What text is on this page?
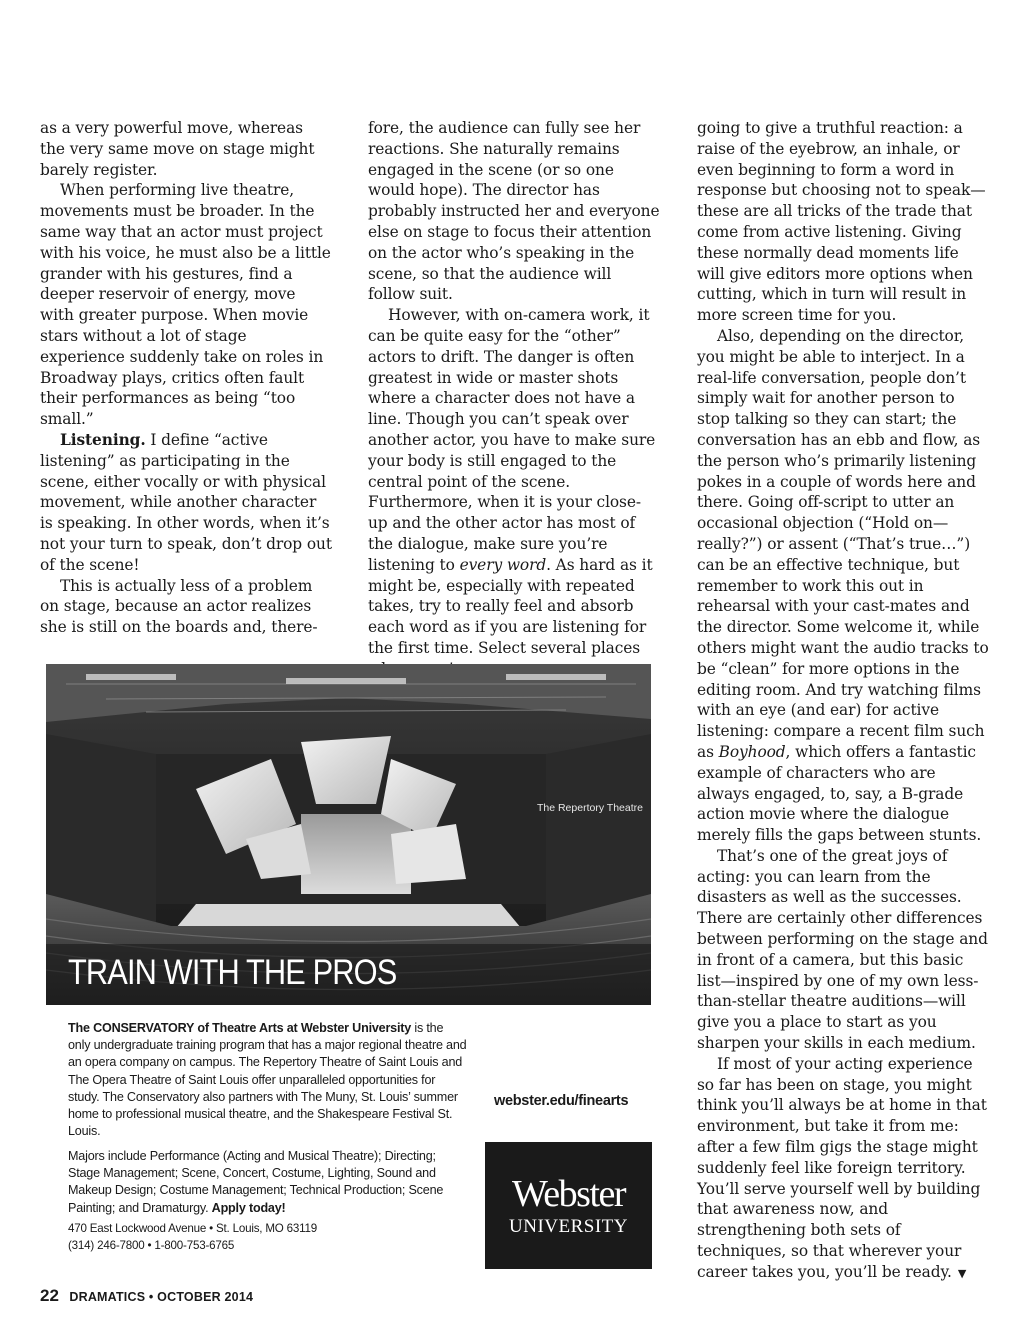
as a very powerful move, whereas the very same move on stage might barely register.

When performing live theatre, movements must be broader. In the same way that an actor must project with his voice, he must also be a little grander with his gestures, find a deeper reservoir of energy, move with greater purpose. When movie stars without a lot of stage experience suddenly take on roles in Broadway plays, critics often fault their performances as being “too small.”

Listening. I define “active listening” as participating in the scene, either vocally or with physical movement, while another character is speaking. In other words, when it’s not your turn to speak, don’t drop out of the scene!

This is actually less of a problem on stage, because an actor realizes she is still on the boards and, there-

fore, the audience can fully see her reactions. She naturally remains engaged in the scene (or so one would hope). The director has probably instructed her and everyone else on stage to focus their attention on the actor who’s speaking in the scene, so that the audience will follow suit.

However, with on-camera work, it can be quite easy for the “other” actors to drift. The danger is often greatest in wide or master shots where a character does not have a line. Though you can’t speak over another actor, you have to make sure your body is still engaged to the central point of the scene. Furthermore, when it is your close-up and the other actor has most of the dialogue, make sure you’re listening to every word. As hard as it might be, especially with repeated takes, try to really feel and absorb each word as if you are listening for the first time. Select several places

going to give a truthful reaction: a raise of the eyebrow, an inhale, or even beginning to form a word in response but choosing not to speak—these are all tricks of the trade that come from active listening. Giving these normally dead moments life will give editors more options when cutting, which in turn will result in more screen time for you.

Also, depending on the director, you might be able to interject. In a real-life conversation, people don’t simply wait for another person to stop talking so they can start; the conversation has an ebb and flow, as the person who’s primarily listening pokes in a couple of words here and there. Going off-script to utter an occasional objection (“Hold on—really?”) or assent (“That’s true…”) can be an effective technique, but remember to work this out in rehearsal with your cast-mates and the director. Some welcome it, while others might want the audio tracks to be “clean” for more options in the editing room. And try watching films with an eye (and ear) for active listening: compare a recent film such as Boyhood, which offers a fantastic example of characters who are always engaged, to, say, a B-grade action movie where the dialogue merely fills the gaps between stunts.

That’s one of the great joys of acting: you can learn from the disasters as well as the successes. There are certainly other differences between performing on the stage and in front of a camera, but this basic list—inspired by one of my own less-than-stellar theatre auditions—will give you a place to start as you sharpen your skills in each medium.

If most of your acting experience so far has been on stage, you might think you’ll always be at home in that environment, but take it from me: after a few film gigs the stage might suddenly feel like foreign territory. You’ll serve yourself well by building that awareness now, and strengthening both sets of techniques, so that wherever your career takes you, you’ll be ready. ▼

The Repertory Theatre
TRAIN WITH THE PROS
The CONSERVATORY of Theatre Arts at Webster University is the only undergraduate training program that has a major regional theatre and an opera company on campus. The Repertory Theatre of Saint Louis and The Opera Theatre of Saint Louis offer unparalleled opportunities for study. The Conservatory also partners with The Muny, St. Louis’ summer home to professional musical theatre, and the Shakespeare Festival St. Louis.
Majors include Performance (Acting and Musical Theatre); Directing; Stage Management; Scene, Concert, Costume, Lighting, Sound and Makeup Design; Costume Management; Technical Production; Scene Painting; and Dramaturgy. Apply today!
470 East Lockwood Avenue • St. Louis, MO 63119
(314) 246-7800 • 1-800-753-6765
webster.edu/finearts
Webster
UNIVERSITY
22 DRAMATICS • OCTOBER 2014
